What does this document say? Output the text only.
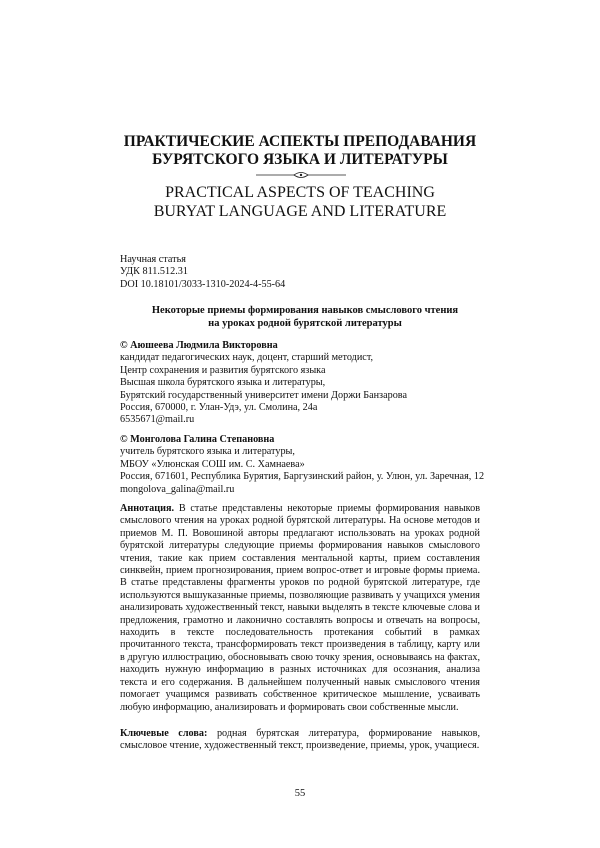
ПРАКТИЧЕСКИЕ АСПЕКТЫ ПРЕПОДАВАНИЯ
БУРЯТСКОГО ЯЗЫКА И ЛИТЕРАТУРЫ
PRACTICAL ASPECTS OF TEACHING
BURYAT LANGUAGE AND LITERATURE
Научная статья
УДК 811.512.31
DOI 10.18101/3033-1310-2024-4-55-64
Некоторые приемы формирования навыков смыслового чтения
на уроках родной бурятской литературы
© Аюшеева Людмила Викторовна
кандидат педагогических наук, доцент, старший методист,
Центр сохранения и развития бурятского языка
Высшая школа бурятского языка и литературы,
Бурятский государственный университет имени Доржи Банзарова
Россия, 670000, г. Улан-Удэ, ул. Смолина, 24а
6535671@mail.ru
© Монголова Галина Степановна
учитель бурятского языка и литературы,
МБОУ «Улюнская СОШ им. С. Хамнаева»
Россия, 671601, Республика Бурятия, Баргузинский район, у. Улюн, ул. Заречная, 12
mongolova_galina@mail.ru
Аннотация. В статье представлены некоторые приемы формирования навыков смыслового чтения на уроках родной бурятской литературы. На основе методов и приемов М. П. Вовошиной авторы предлагают использовать на уроках родной бурятской литературы следующие приемы формирования навыков смыслового чтения, такие как прием составления ментальной карты, прием составления синквейн, прием прогнозирования, прием вопрос-ответ и игровые формы приема. В статье представлены фрагменты уроков по родной бурятской литературе, где используются вышуказанные приемы, позволяющие развивать у учащихся умения анализировать художественный текст, навыки выделять в тексте ключевые слова и предложения, грамотно и лаконично составлять вопросы и отвечать на вопросы, находить в тексте последовательность протекания событий в рамках прочитанного текста, трансформировать текст произведения в таблицу, карту или в другую иллюстрацию, обосновывать свою точку зрения, основываясь на фактах, находить нужную информацию в разных источниках для осознания, анализа текста и его содержания. В дальнейшем полученный навык смыслового чтения помогает учащимся развивать собственное критическое мышление, усваивать любую информацию, анализировать и формировать свои собственные мысли.
Ключевые слова: родная бурятская литература, формирование навыков, смысловое чтение, художественный текст, произведение, приемы, урок, учащиеся.
55
